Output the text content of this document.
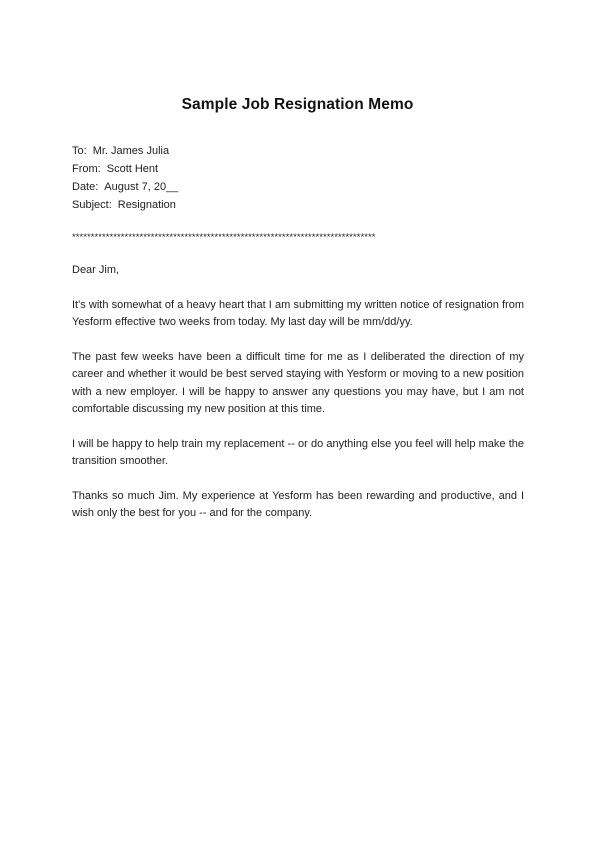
Sample Job Resignation Memo
To: Mr. James Julia
From: Scott Hent
Date: August 7, 20__
Subject: Resignation
*********************************************************************************

Dear Jim,

It's with somewhat of a heavy heart that I am submitting my written notice of resignation from Yesform effective two weeks from today. My last day will be mm/dd/yy.

The past few weeks have been a difficult time for me as I deliberated the direction of my career and whether it would be best served staying with Yesform or moving to a new position with a new employer. I will be happy to answer any questions you may have, but I am not comfortable discussing my new position at this time.

I will be happy to help train my replacement -- or do anything else you feel will help make the transition smoother.

Thanks so much Jim. My experience at Yesform has been rewarding and productive, and I wish only the best for you -- and for the company.
